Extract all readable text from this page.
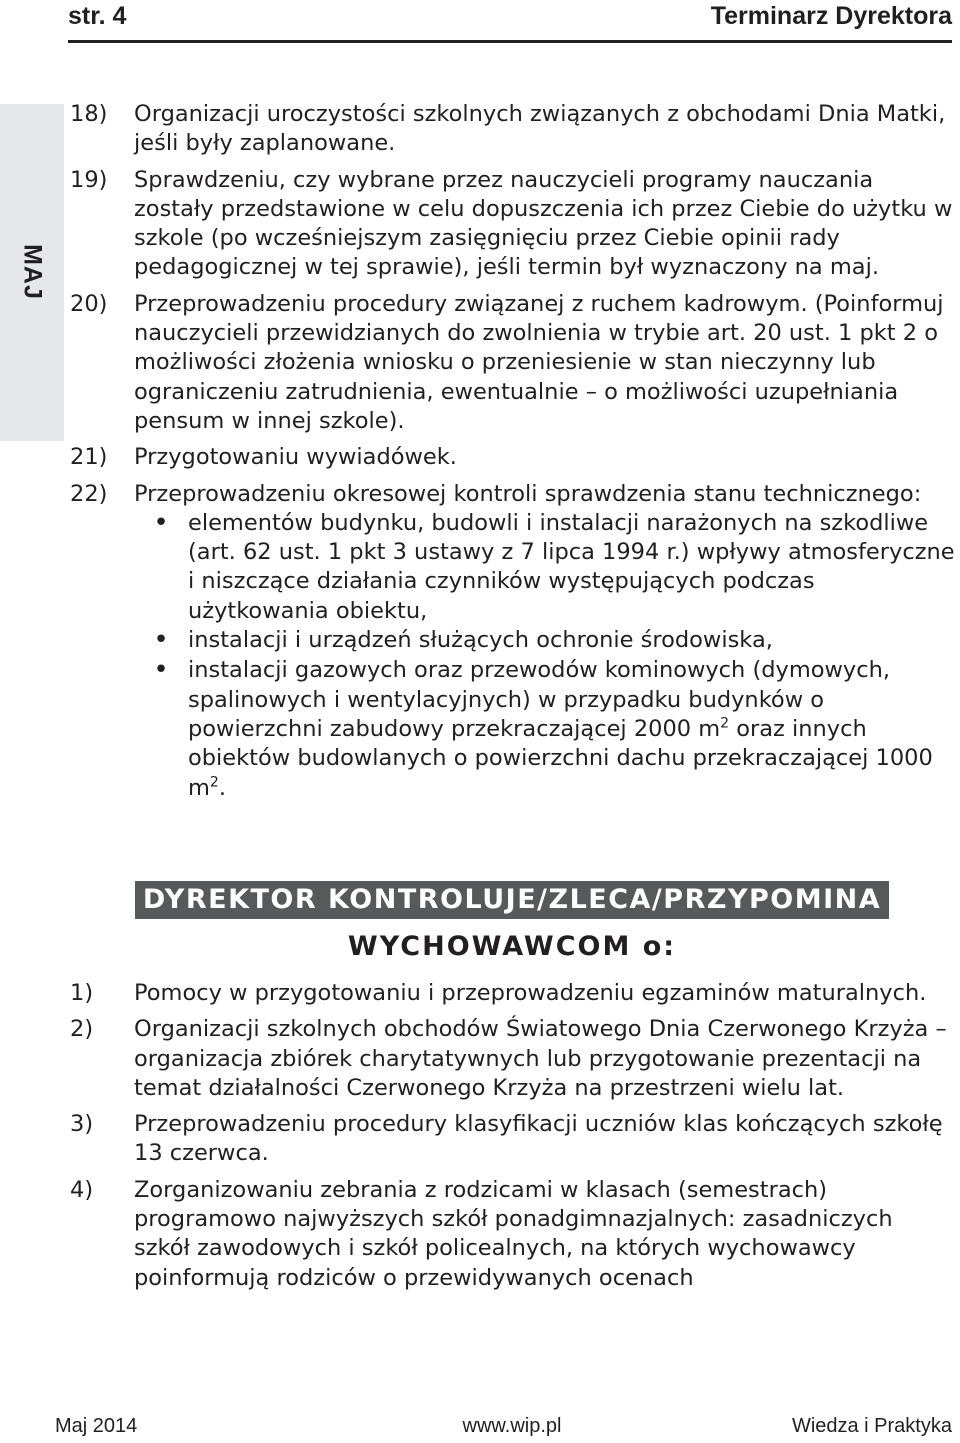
str. 4	Terminarz Dyrektora
MAJ
18)	Organizacji uroczystości szkolnych związanych z obchodami Dnia Matki, jeśli były zaplanowane.
19)	Sprawdzeniu, czy wybrane przez nauczycieli programy nauczania zostały przedstawione w celu dopuszczenia ich przez Ciebie do użytku w szkole (po wcześniejszym zasięgnięciu przez Ciebie opinii rady pedagogicznej w tej sprawie), jeśli termin był wyznaczony na maj.
20)	Przeprowadzeniu procedury związanej z ruchem kadrowym. (Poinformuj nauczycieli przewidzianych do zwolnienia w trybie art. 20 ust. 1 pkt 2 o możliwości złożenia wniosku o przeniesienie w stan nieczynny lub ograniczeniu zatrudnienia, ewentualnie – o możliwości uzupełniania pensum w innej szkole).
21)	Przygotowaniu wywiadówek.
22)	Przeprowadzeniu okresowej kontroli sprawdzenia stanu technicznego:

•
elementów budynku, budowli i instalacji narażonych na szkodliwe (art. 62 ust. 1 pkt 3 ustawy z 7 lipca 1994 r.) wpływy atmosferyczne i niszczące działania czynników występujących podczas użytkowania obiektu,
•
instalacji i urządzeń służących ochronie środowiska,
•
instalacji gazowych oraz przewodów kominowych (dymowych, spalinowych i wentylacyjnych) w przypadku budynków o powierzchni zabudowy przekraczającej 2000 $m^2$ oraz innych obiektów budowlanych o powierzchni dachu przekraczającej 1000 $m^2$.
DYREKTOR KONTROLUJE/ZLECA/PRZYPOMINA
WYCHOWAWCOM o:
1)	Pomocy w przygotowaniu i przeprowadzeniu egzaminów maturalnych.
2)	Organizacji szkolnych obchodów Światowego Dnia Czerwonego Krzyża – organizacja zbiórek charytatywnych lub przygotowanie prezentacji na temat działalności Czerwonego Krzyża na przestrzeni wielu lat.
3)	Przeprowadzeniu procedury klasyfikacji uczniów klas kończących szkołę 13 czerwca.
4)	Zorganizowaniu zebrania z rodzicami w klasach (semestrach) programowo najwyższych szkół ponadgimnazjalnych: zasadniczych szkół zawodowych i szkół policealnych, na których wychowawcy poinformują rodziców o przewidywanych ocenach
Maj 2014	www.wip.pl	Wiedza i Praktyka
